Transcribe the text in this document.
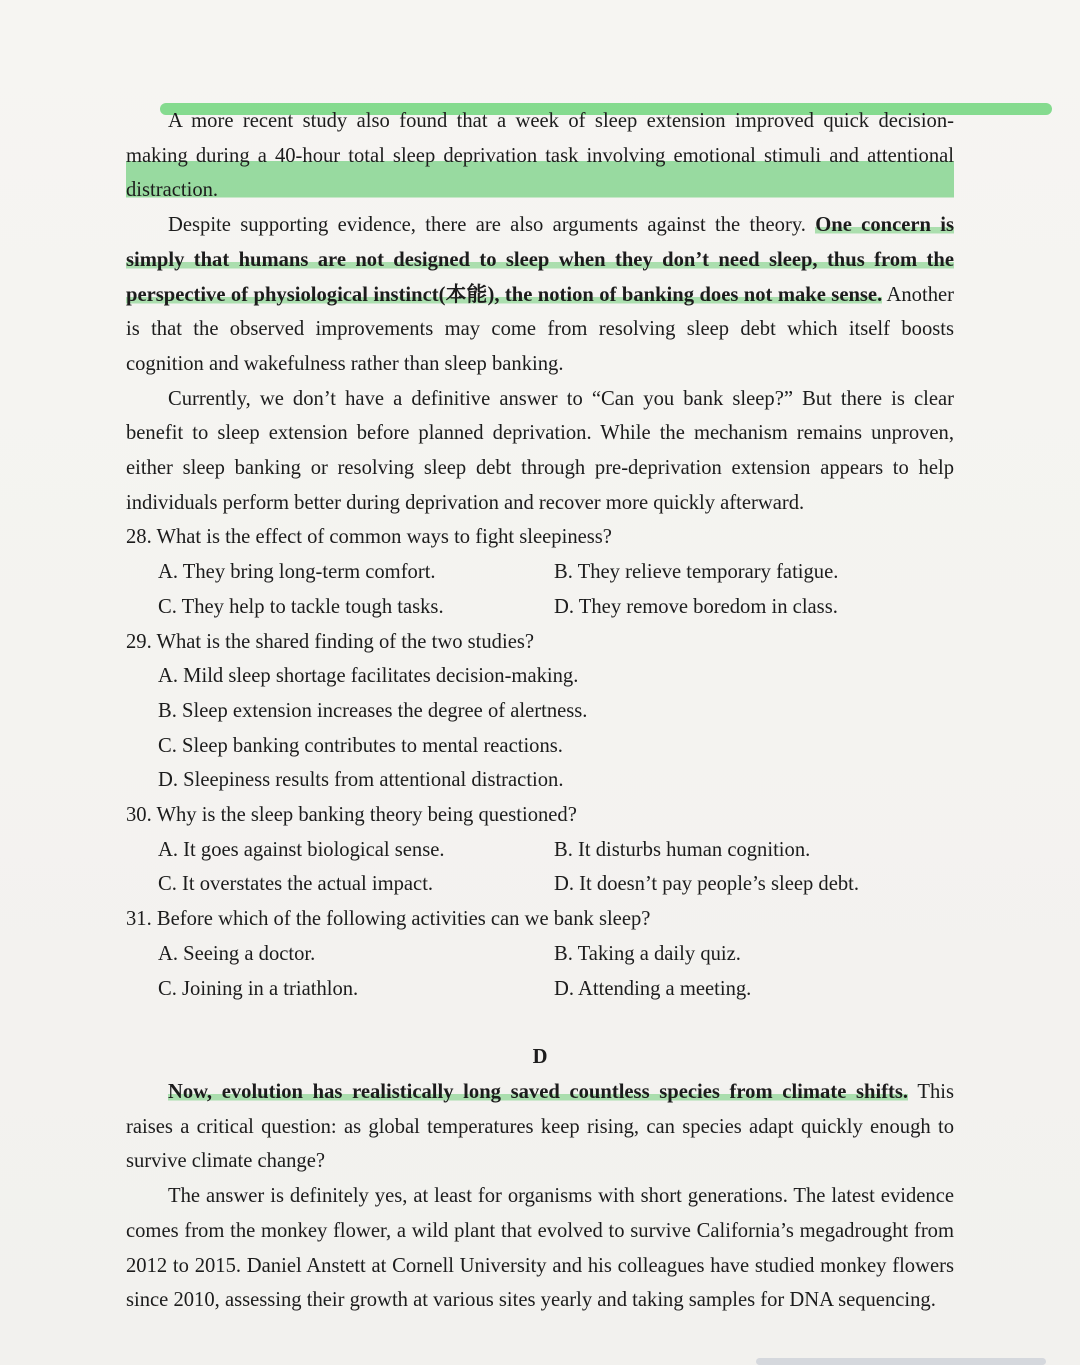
A more recent study also found that a week of sleep extension improved quick decision-making during a 40-hour total sleep deprivation task involving emotional stimuli and attentional distraction.

Despite supporting evidence, there are also arguments against the theory. One concern is simply that humans are not designed to sleep when they don’t need sleep, thus from the perspective of physiological instinct(本能), the notion of banking does not make sense. Another is that the observed improvements may come from resolving sleep debt which itself boosts cognition and wakefulness rather than sleep banking.

Currently, we don’t have a definitive answer to “Can you bank sleep?” But there is clear benefit to sleep extension before planned deprivation. While the mechanism remains unproven, either sleep banking or resolving sleep debt through pre-deprivation extension appears to help individuals perform better during deprivation and recover more quickly afterward.

28. What is the effect of common ways to fight sleepiness?

A. They bring long-term comfort.	B. They relieve temporary fatigue.
C. They help to tackle tough tasks.	D. They remove boredom in class.

29. What is the shared finding of the two studies?

A. Mild sleep shortage facilitates decision-making.
B. Sleep extension increases the degree of alertness.
C. Sleep banking contributes to mental reactions.
D. Sleepiness results from attentional distraction.

30. Why is the sleep banking theory being questioned?

A. It goes against biological sense.	B. It disturbs human cognition.
C. It overstates the actual impact.	D. It doesn’t pay people’s sleep debt.

31. Before which of the following activities can we bank sleep?

A. Seeing a doctor.	B. Taking a daily quiz.
C. Joining in a triathlon.	D. Attending a meeting.

D

Now, evolution has realistically long saved countless species from climate shifts. This raises a critical question: as global temperatures keep rising, can species adapt quickly enough to survive climate change?

The answer is definitely yes, at least for organisms with short generations. The latest evidence comes from the monkey flower, a wild plant that evolved to survive California’s megadrought from 2012 to 2015. Daniel Anstett at Cornell University and his colleagues have studied monkey flowers since 2010, assessing their growth at various sites yearly and taking samples for DNA sequencing.
